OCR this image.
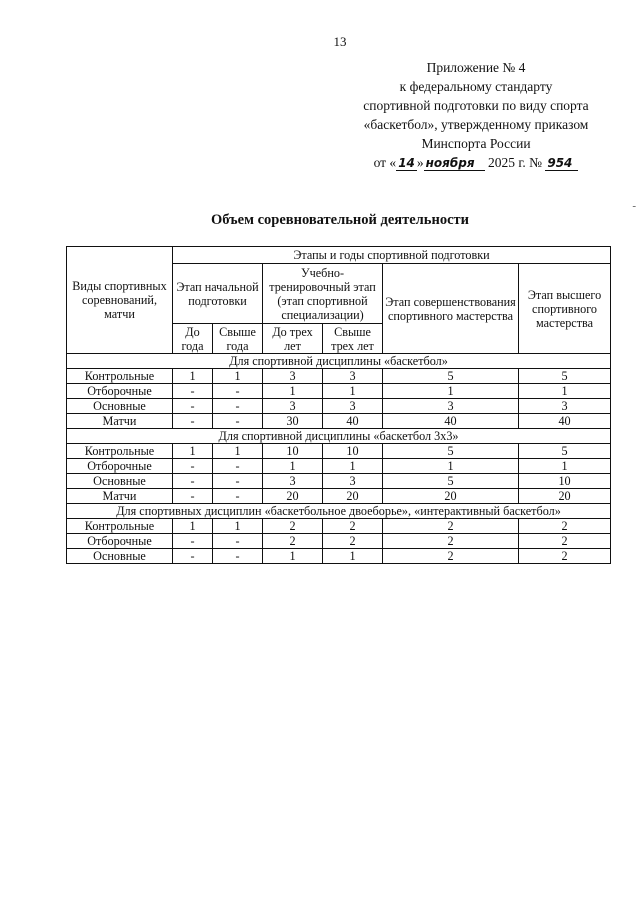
13
Приложение № 4
к федеральному стандарту
спортивной подготовки по виду спорта
«баскетбол», утвержденному приказом
Минспорта России
от « 14 » ноября 2025 г. № 954
-
Объем соревновательной деятельности
Виды спортивных соревнований, матчи	Этапы и годы спортивной подготовки					
	Этап начальной подготовки		Учебно-тренировочный этап (этап спортивной специализации)		Этап совершенствования спортивного мастерства	Этап высшего спортивного мастерства
	До года	Свыше года	До трех лет	Свыше трех лет		
Для спортивной дисциплины «баскетбол»						
Контрольные	1	1	3	3	5	5
Отборочные	-	-	1	1	1	1
Основные	-	-	3	3	3	3
Матчи	-	-	30	40	40	40
Для спортивной дисциплины «баскетбол 3х3»						
Контрольные	1	1	10	10	5	5
Отборочные	-	-	1	1	1	1
Основные	-	-	3	3	5	10
Матчи	-	-	20	20	20	20
Для спортивных дисциплин «баскетбольное двоеборье», «интерактивный баскетбол»						
Контрольные	1	1	2	2	2	2
Отборочные	-	-	2	2	2	2
Основные	-	-	1	1	2	2
